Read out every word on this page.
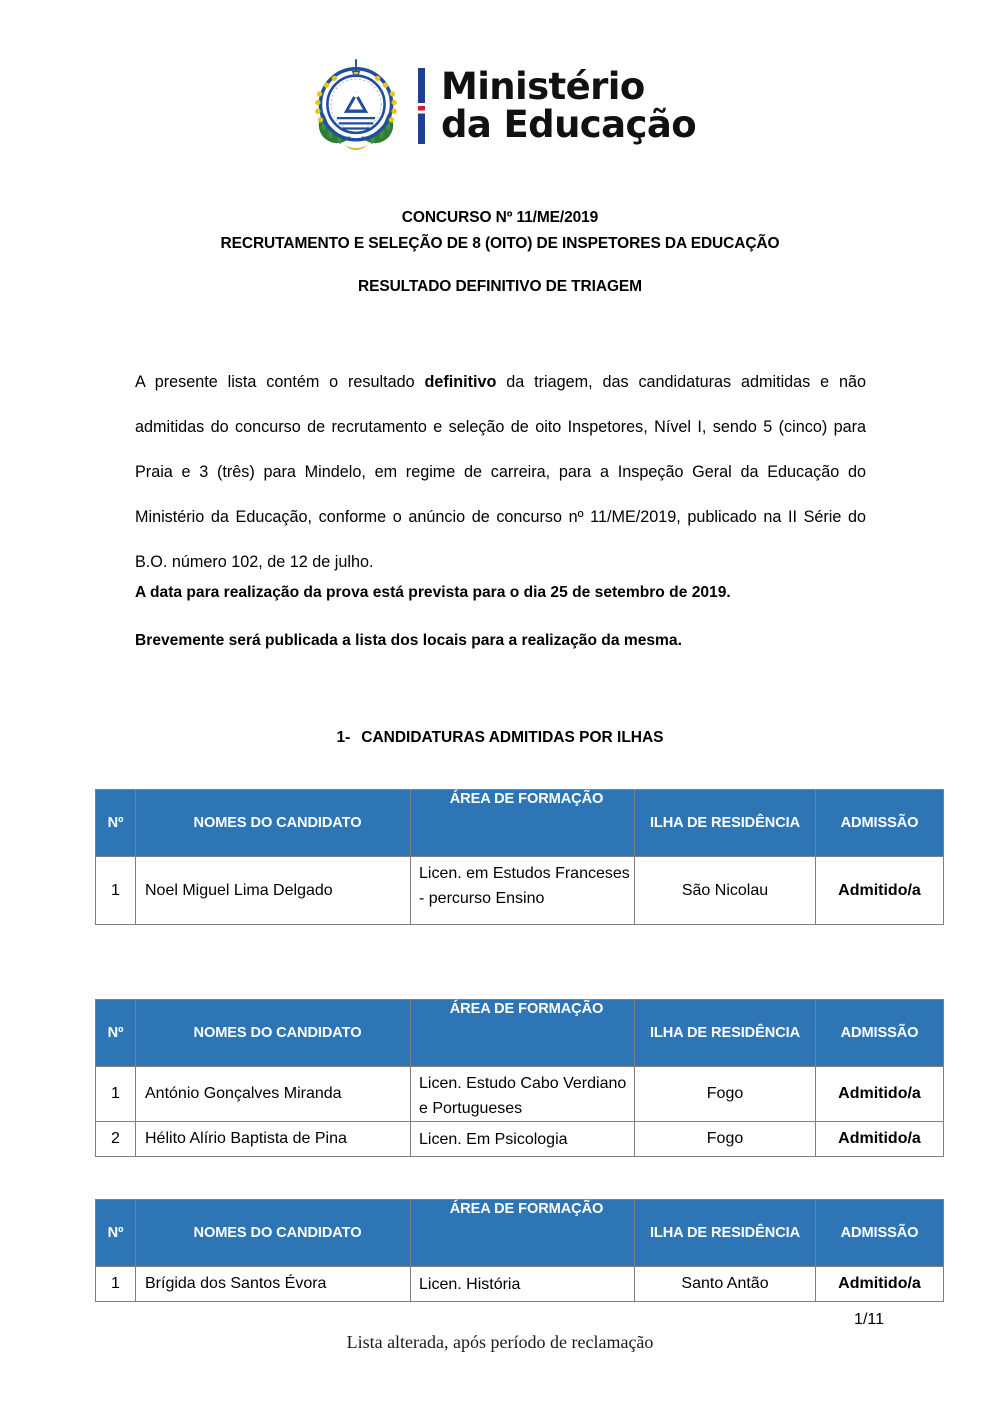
Ministério
da Educação
CONCURSO Nº 11/ME/2019
RECRUTAMENTO E SELEÇÃO DE 8 (OITO) DE INSPETORES DA EDUCAÇÃO
RESULTADO DEFINITIVO DE TRIAGEM
A presente lista contém o resultado definitivo da triagem, das candidaturas admitidas e não admitidas do concurso de recrutamento e seleção de oito Inspetores, Nível I, sendo 5 (cinco) para Praia e 3 (três) para Mindelo, em regime de carreira, para a Inspeção Geral da Educação do Ministério da Educação, conforme o anúncio de concurso nº 11/ME/2019, publicado na II Série do B.O. número 102, de 12 de julho.
A data para realização da prova está prevista para o dia 25 de setembro de 2019.
Brevemente será publicada a lista dos locais para a realização da mesma.
1- CANDIDATURAS ADMITIDAS POR ILHAS
Nº	NOMES DO CANDIDATO	ÁREA DE FORMAÇÃO	ILHA DE RESIDÊNCIA	ADMISSÃO
1	Noel Miguel Lima Delgado	Licen. em Estudos Franceses - percurso Ensino	São Nicolau	Admitido/a
Nº	NOMES DO CANDIDATO	ÁREA DE FORMAÇÃO	ILHA DE RESIDÊNCIA	ADMISSÃO
1	António Gonçalves Miranda	Licen. Estudo Cabo Verdiano e Portugueses	Fogo	Admitido/a
2	Hélito Alírio Baptista de Pina	Licen. Em Psicologia	Fogo	Admitido/a
Nº	NOMES DO CANDIDATO	ÁREA DE FORMAÇÃO	ILHA DE RESIDÊNCIA	ADMISSÃO
1	Brígida dos Santos Évora	Licen. História	Santo Antão	Admitido/a
1/11
Lista alterada, após período de reclamação
